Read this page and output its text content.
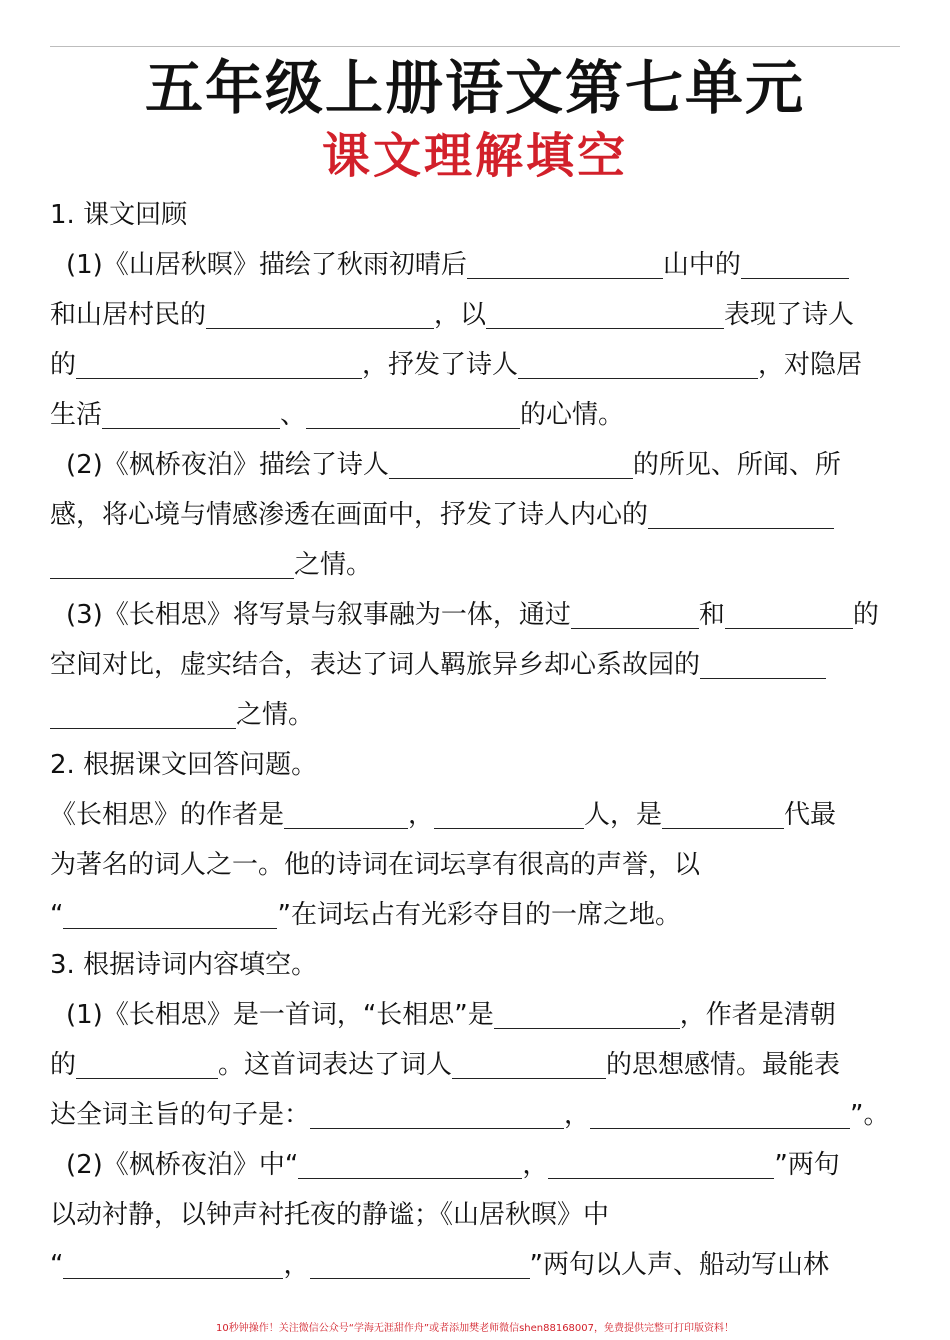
五年级上册语文第七单元
课文理解填空
1. 课文回顾
(1)《山居秋暝》描绘了秋雨初晴后	山中的
和山居村民的	，以	表现了诗人
的	，抒发了诗人	，对隐居
生活	、	的心情。
(2)《枫桥夜泊》描绘了诗人	的所见、所闻、所
感，将心境与情感渗透在画面中，抒发了诗人内心的
之情。
(3)《长相思》将写景与叙事融为一体，通过	和	的
空间对比，虚实结合，表达了词人羁旅异乡却心系故园的
之情。
2. 根据课文回答问题。
《长相思》的作者是	，	人，是	代最
为著名的词人之一。他的诗词在词坛享有很高的声誉，以
“	”在词坛占有光彩夺目的一席之地。
3. 根据诗词内容填空。
(1)《长相思》是一首词，“长相思”是	，作者是清朝
的	。这首词表达了词人	的思想感情。最能表
达全词主旨的句子是：	，	”。
(2)《枫桥夜泊》中“	，	”两句
以动衬静，以钟声衬托夜的静谧；《山居秋暝》中
“	，	”两句以人声、船动写山林
10秒钟操作！关注微信公众号“学海无涯甜作舟”或者添加樊老师微信shen88168007，免费提供完整可打印版资料！
